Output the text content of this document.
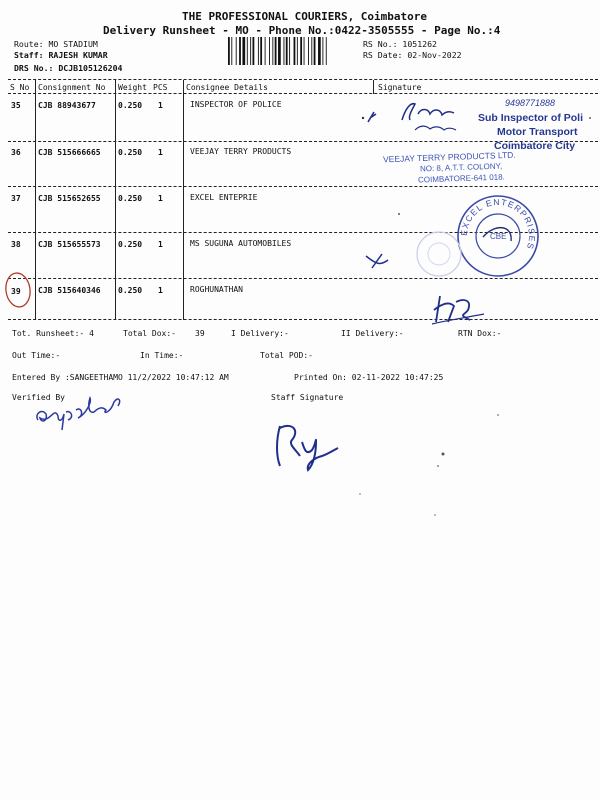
THE PROFESSIONAL COURIERS, Coimbatore
Delivery Runsheet - MO - Phone No.:0422-3505555 - Page No.:4
Route: MO STADIUM
Staff: RAJESH KUMAR
DRS No.: DCJB105126204
RS No.: 1051262
RS Date: 02-Nov-2022
S No Consignment No Weight PCS Consignee Details	Signature
35 CJB 88943677	0.250 1	INSPECTOR OF POLICE
36 CJB 515666665 0.250 1	VEEJAY TERRY PRODUCTS
37 CJB 515652655 0.250 1	EXCEL ENTEPRIE
38 CJB 515655573 0.250 1	MS SUGUNA AUTOMOBILES
39 CJB 515640346 0.250 1	ROGHUNATHAN
Tot. Runsheet:- 4	Total Dox:- 39	I Delivery:-	II Delivery:-	RTN Dox:-
Out Time:-	In Time:-	Total POD:-
Entered By :SANGEETHAMO 11/2/2022 10:47:12 AM	Printed On: 02-11-2022 10:47:25
Verified By	Staff Signature
Sub Inspector of Poli
Motor Transport
Coimbatore City
9498771888
VEEJAY TERRY PRODUCTS LTD.
NO: 8, A.T.T. COLONY,
COIMBATORE-641 018.
EXCEL ENTERPRISES
CBE
